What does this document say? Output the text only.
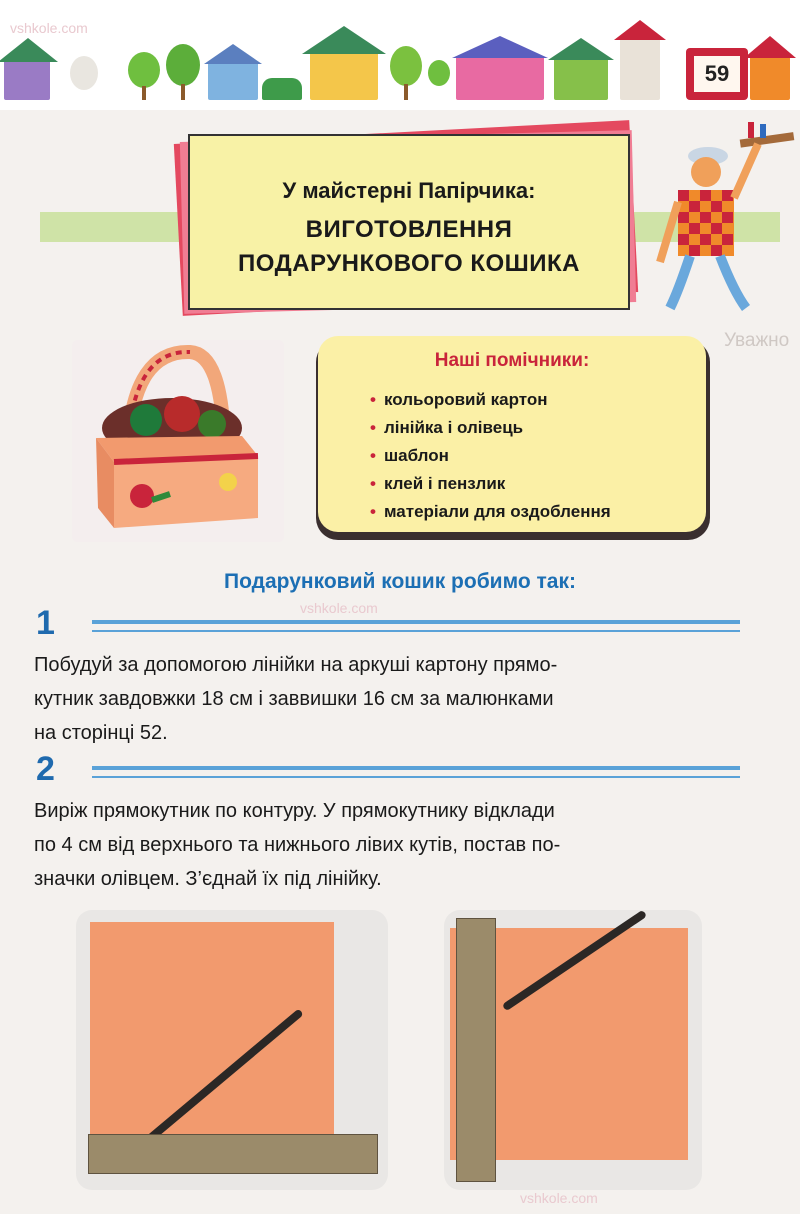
59
Уважно
vshkole.com
vshkole.com
vshkole.com
У майстерні Папірчика:
ВИГОТОВЛЕННЯ
ПОДАРУНКОВОГО КОШИКА
Наші помічники:
• кольоровий картон
• лінійка і олівець
• шаблон
• клей і пензлик
• матеріали для оздоблення
Подарунковий кошик робимо так:
1
Побудуй за допомогою лінійки на аркуші картону прямо-
кутник завдовжки 18 см і заввишки 16 см за малюнками
на сторінці 52.
2
Виріж прямокутник по контуру. У прямокутнику відклади
по 4 см від верхнього та нижнього лівих кутів, постав по-
значки олівцем. З’єднай їх під лінійку.
